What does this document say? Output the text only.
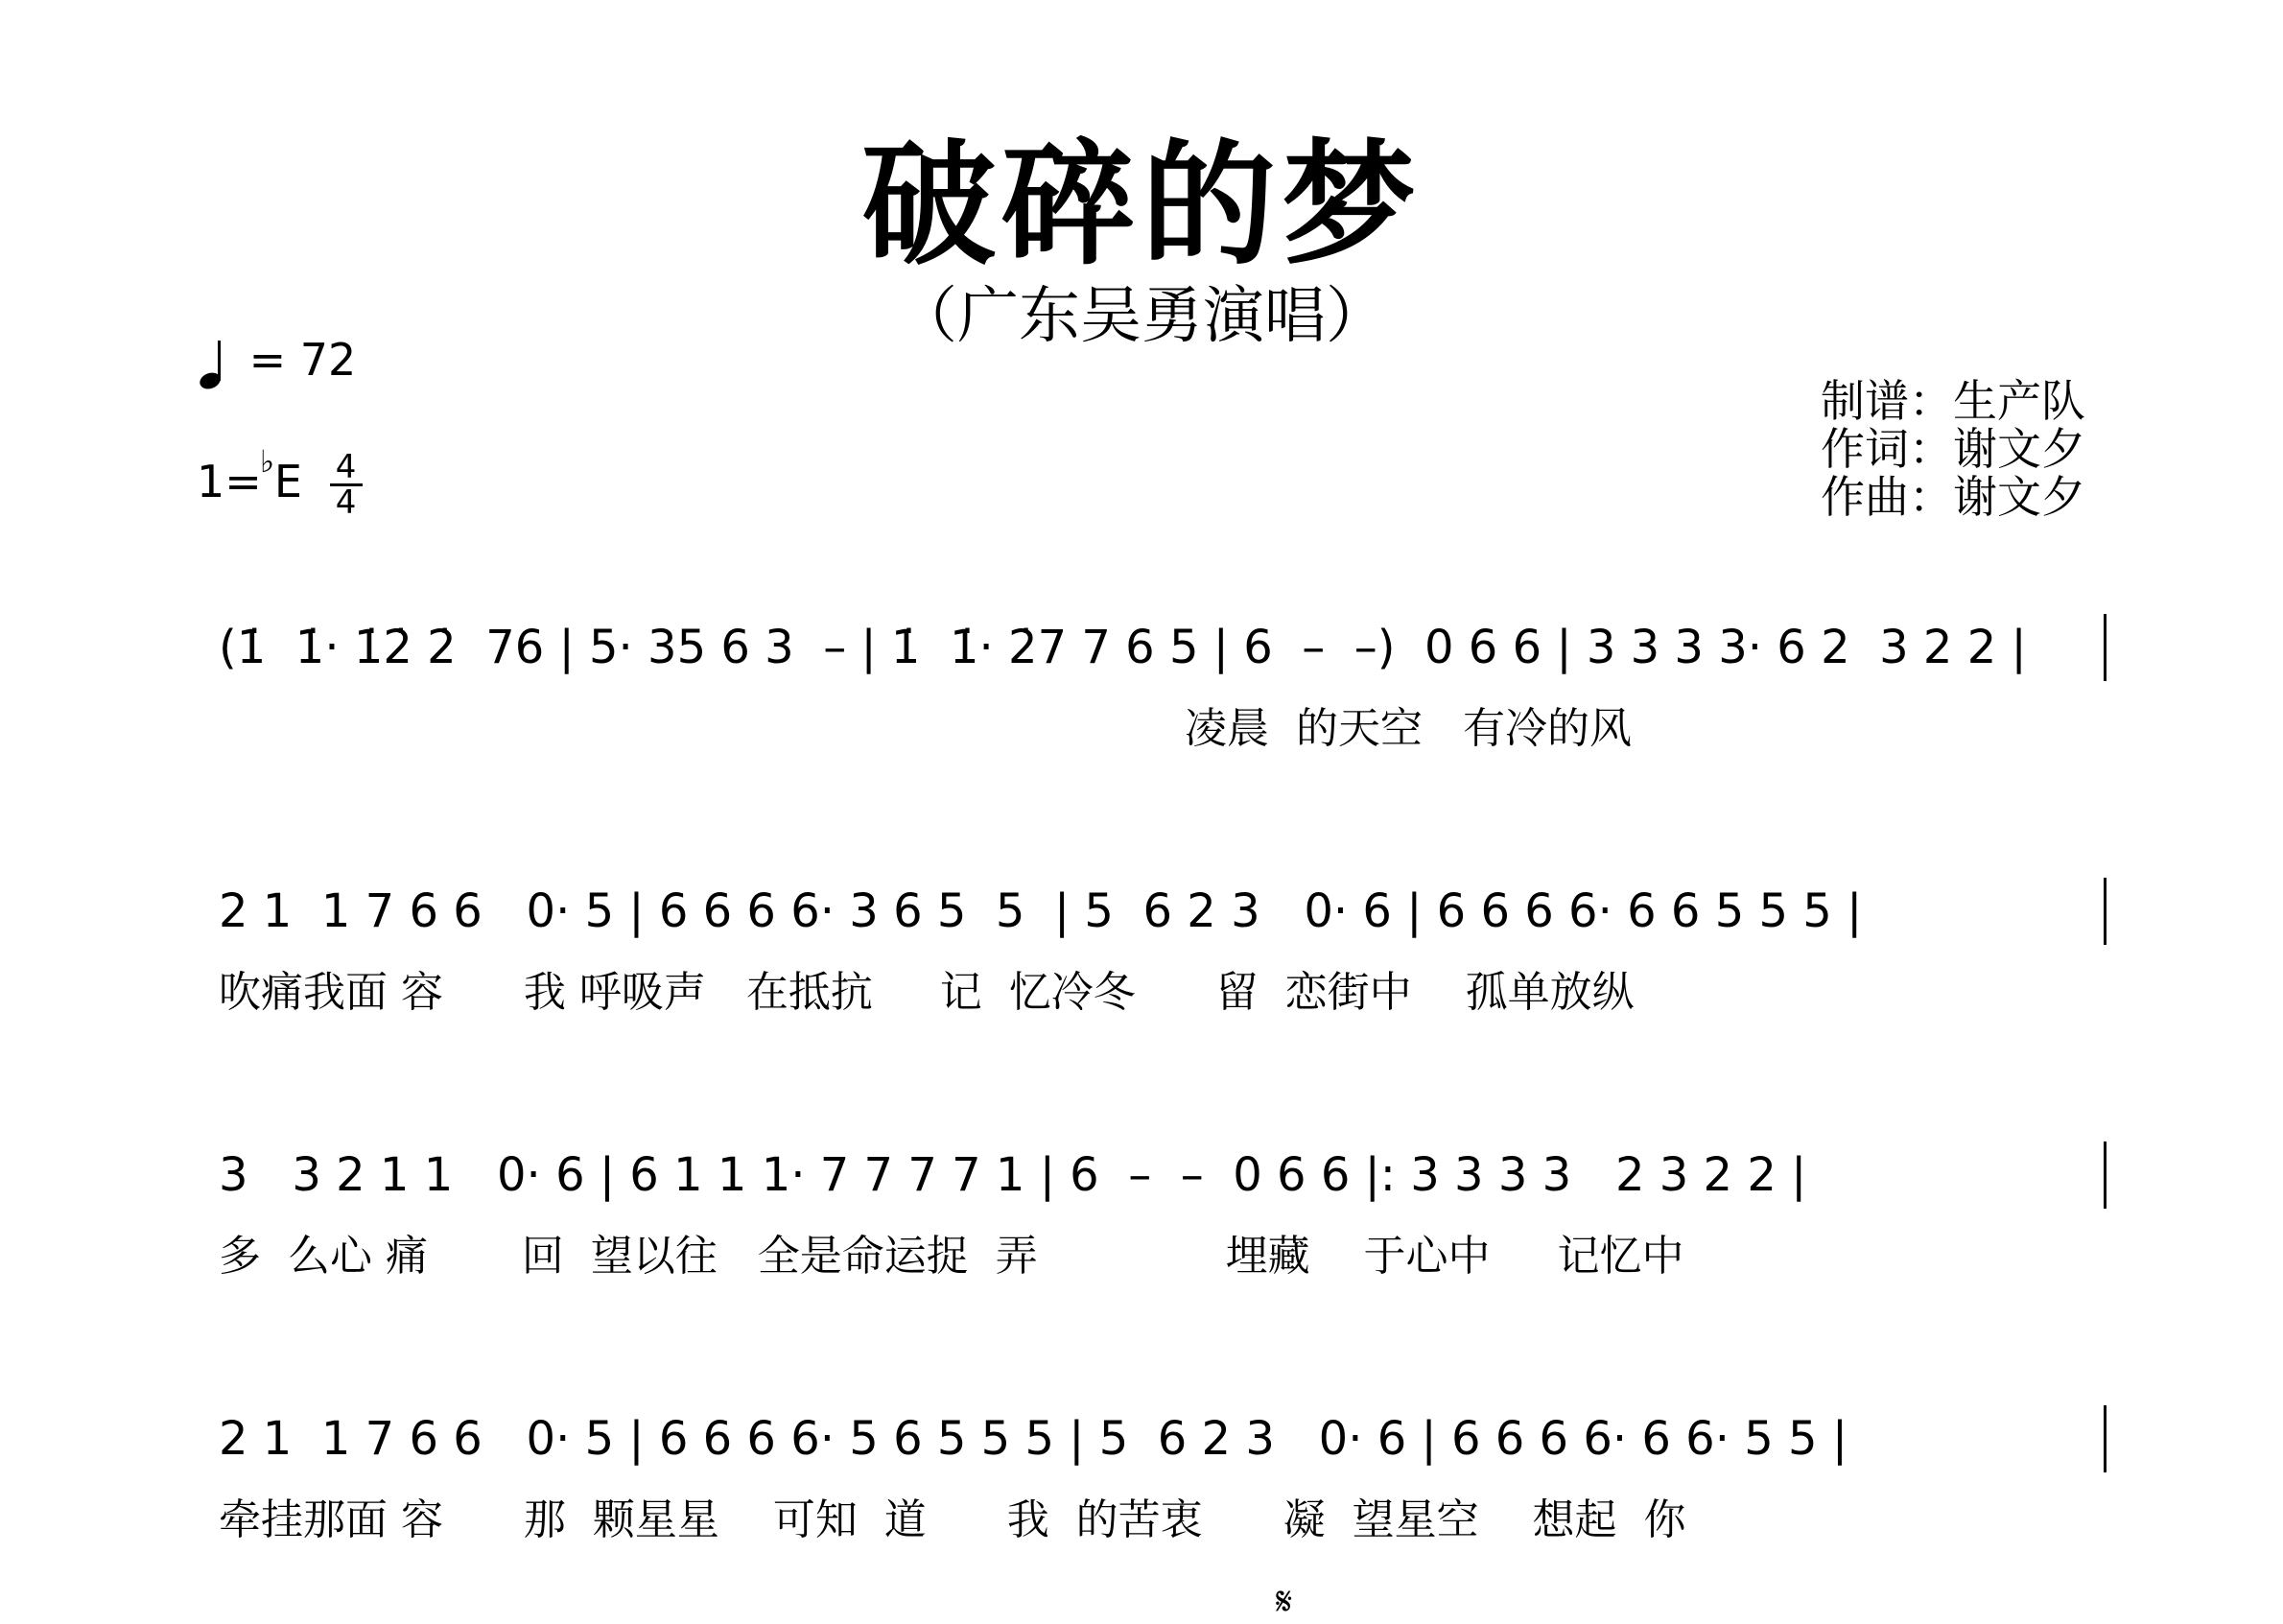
破碎的梦
（广东吴勇演唱）
= 72
$1=^♭E \frac{4}{4}$
制谱：生产队
作词：谢文夕
作曲：谢文夕
(1̇  1̇· 1̇2̇ 2̇  76 | 5· 35 6 3  – | 1̇  1̇· 2̇7 7 6 5 | 6  –  –)  0 6 6 | 3 3 3 3· 6 2  3 2 2 |
凌晨  的天空   有冷的风
2 1  1 7 6 6   0· 5 | 6 6 6 6· 3 6 5  5  | 5  6 2 3   0· 6 | 6 6 6 6· 6 6 5 5 5 |
吹痛我面 容      我 呼吸声   在抵抗     记  忆冷冬      留  恋街中    孤单放纵
3   3 2 1 1   0· 6 | 6 1 1 1· 7 7 7 7 1 | 6  –  –  0 6 6 |: 3 3 3 3   2 3 2 2 |
多  么心 痛       回  望以往   全是命运捉  弄              埋藏    于心中     记忆中
2 1  1 7 6 6   0· 5 | 6 6 6 6· 5 6 5 5 5 | 5  6 2 3   0· 6 | 6 6 6 6· 6 6· 5 5 |
牵挂那面 容      那  颗星星    可知  道      我  的苦衷      凝  望星空    想起  你
𝄋
